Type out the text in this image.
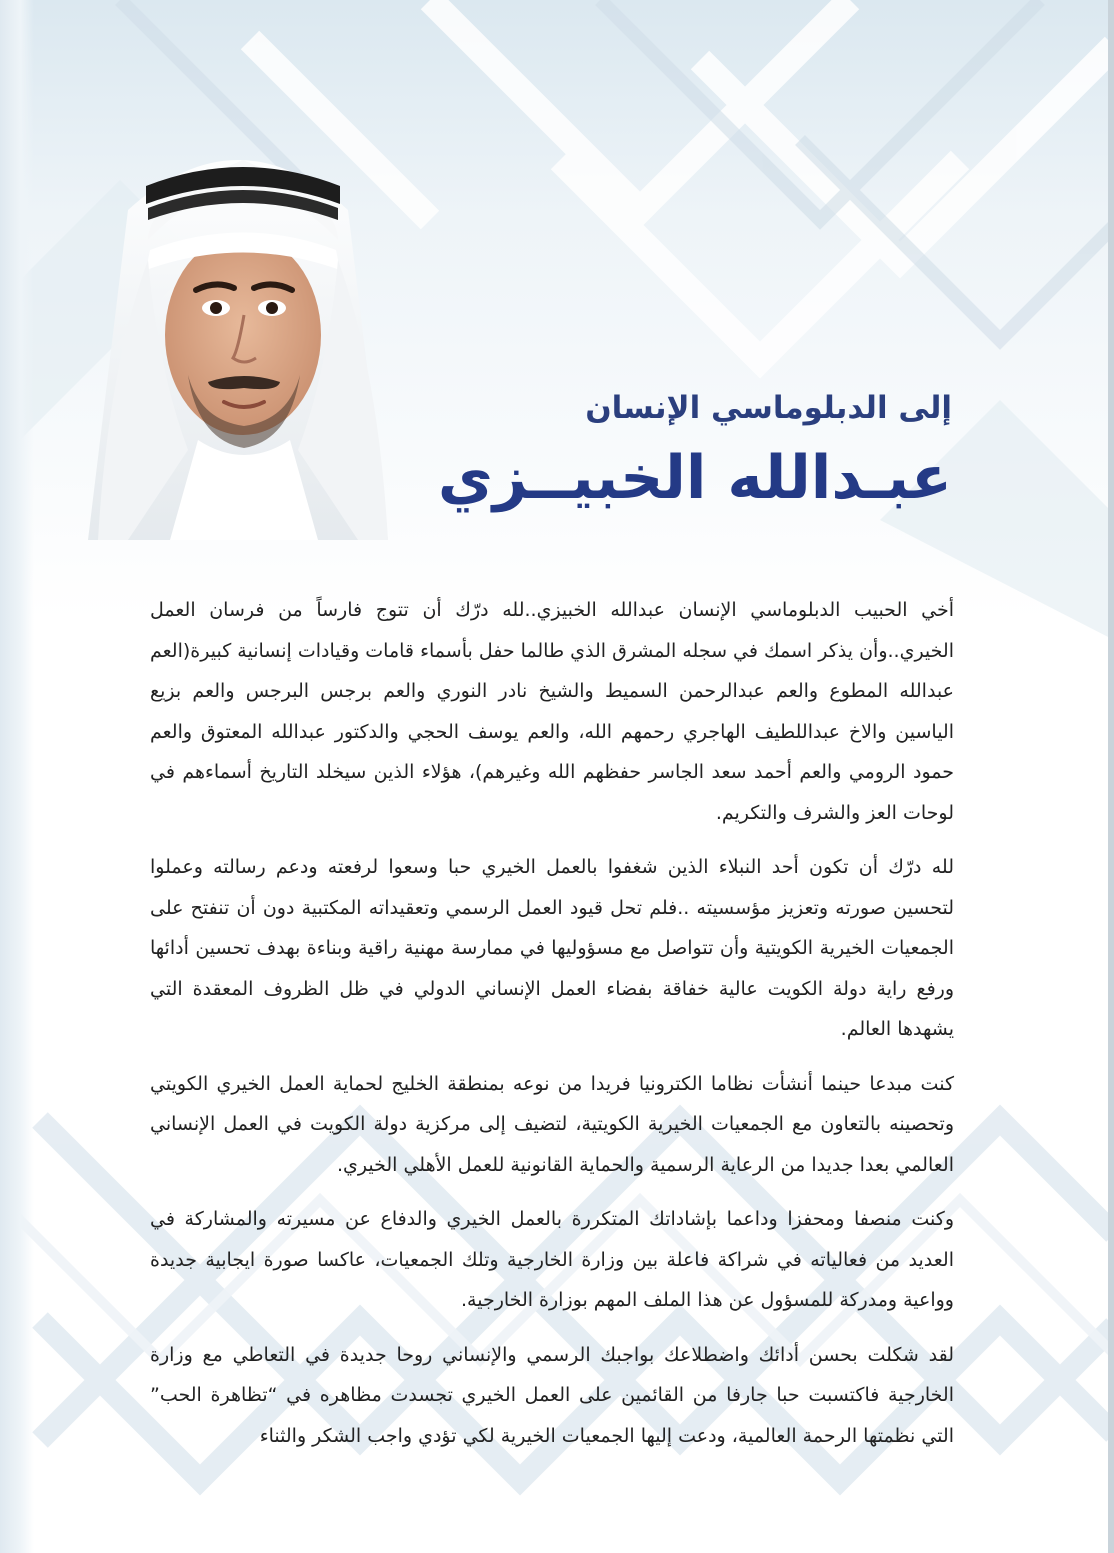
إلى الدبلوماسي الإنسان
عبـدالله الخبيــزي

أخي الحبيب الدبلوماسي الإنسان عبدالله الخبيزي..لله درّك أن تتوج فارساً من فرسان العمل الخيري..وأن يذكر اسمك في سجله المشرق الذي طالما حفل بأسماء قامات وقيادات إنسانية كبيرة(العم عبدالله المطوع والعم عبدالرحمن السميط والشيخ نادر النوري والعم برجس البرجس والعم بزيع الياسين والاخ عبداللطيف الهاجري رحمهم الله، والعم يوسف الحجي والدكتور عبدالله المعتوق والعم حمود الرومي والعم أحمد سعد الجاسر حفظهم الله وغيرهم)، هؤلاء الذين سيخلد التاريخ أسماءهم في لوحات العز والشرف والتكريم.

لله درّك أن تكون أحد النبلاء الذين شغفوا بالعمل الخيري حبا وسعوا لرفعته ودعم رسالته وعملوا لتحسين صورته وتعزيز مؤسسيته ..فلم تحل قيود العمل الرسمي وتعقيداته المكتبية دون أن تنفتح على الجمعيات الخيرية الكويتية وأن تتواصل مع مسؤوليها في ممارسة مهنية راقية وبناءة بهدف تحسين أدائها ورفع راية دولة الكويت عالية خفاقة بفضاء العمل الإنساني الدولي في ظل الظروف المعقدة التي يشهدها العالم.

كنت مبدعا حينما أنشأت نظاما الكترونيا فريدا من نوعه بمنطقة الخليج لحماية العمل الخيري الكويتي وتحصينه بالتعاون مع الجمعيات الخيرية الكويتية، لتضيف إلى مركزية دولة الكويت في العمل الإنساني العالمي بعدا جديدا من الرعاية الرسمية والحماية القانونية للعمل الأهلي الخيري.

وكنت منصفا ومحفزا وداعما بإشاداتك المتكررة بالعمل الخيري والدفاع عن مسيرته والمشاركة في العديد من فعالياته في شراكة فاعلة بين وزارة الخارجية وتلك الجمعيات، عاكسا صورة ايجابية جديدة وواعية ومدركة للمسؤول عن هذا الملف المهم بوزارة الخارجية.

لقد شكلت بحسن أدائك واضطلاعك بواجبك الرسمي والإنساني روحا جديدة في التعاطي مع وزارة الخارجية فاكتسبت حبا جارفا من القائمين على العمل الخيري تجسدت مظاهره في “تظاهرة الحب” التي نظمتها الرحمة العالمية، ودعت إليها الجمعيات الخيرية لكي تؤدي واجب الشكر والثناء
